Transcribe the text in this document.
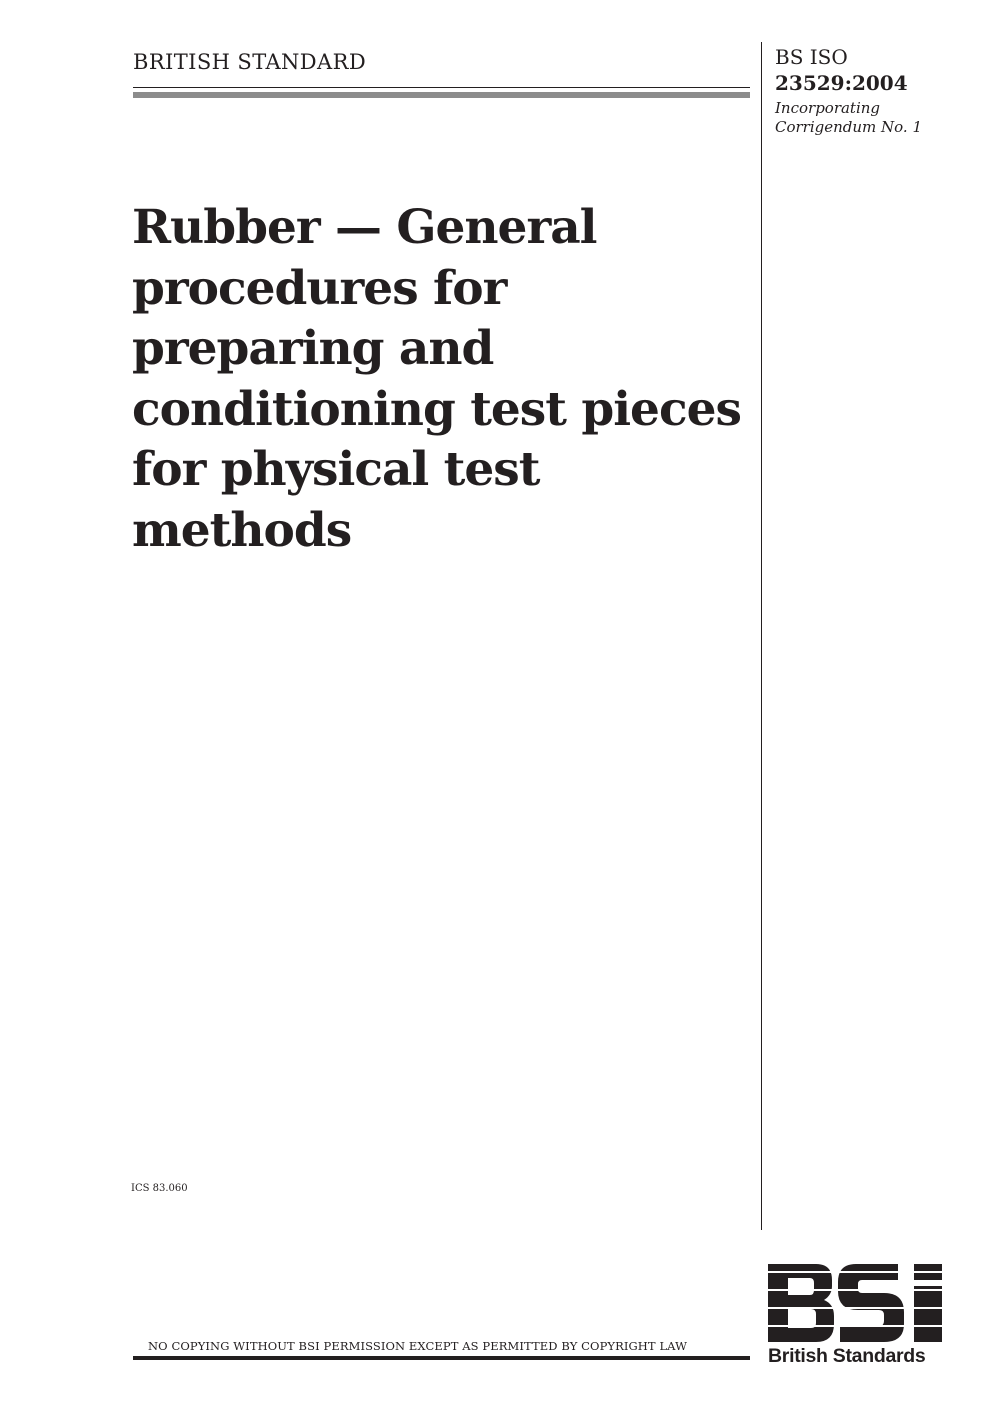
BRITISH STANDARD	BS ISO
23529:2004
Incorporating
Corrigendum No. 1
Rubber — General
procedures for
preparing and
conditioning test pieces
for physical test
methods
ICS 83.060
NO COPYING WITHOUT BSI PERMISSION EXCEPT AS PERMITTED BY COPYRIGHT LAW	British Standards
